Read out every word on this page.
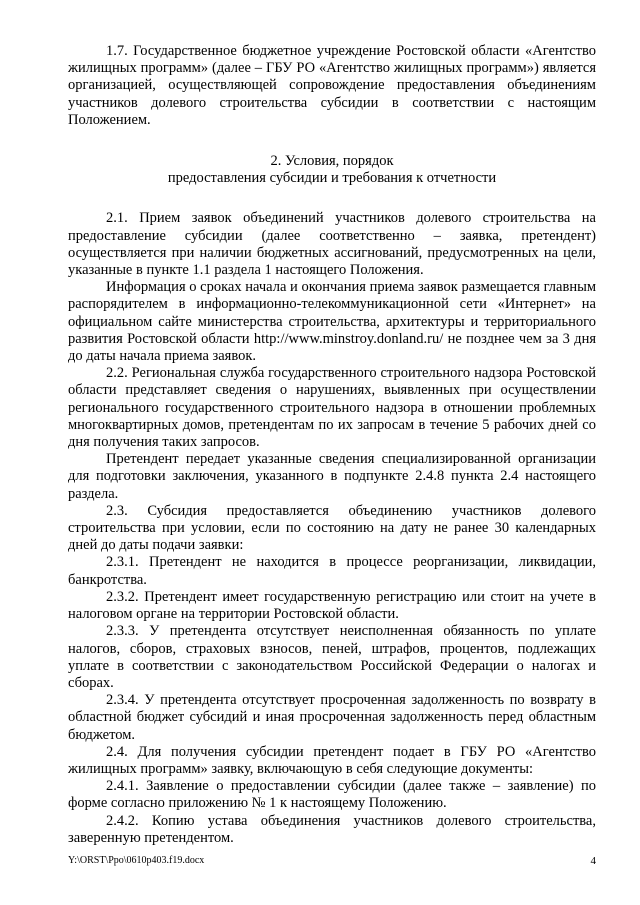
1.7. Государственное бюджетное учреждение Ростовской области «Агентство жилищных программ» (далее – ГБУ РО «Агентство жилищных программ») является организацией, осуществляющей сопровождение предоставления объединениям участников долевого строительства субсидии в соответствии с настоящим Положением.

2. Условия, порядок
предоставления субсидии и требования к отчетности

2.1. Прием заявок объединений участников долевого строительства на предоставление субсидии (далее соответственно – заявка, претендент) осуществляется при наличии бюджетных ассигнований, предусмотренных на цели, указанные в пункте 1.1 раздела 1 настоящего Положения.

Информация о сроках начала и окончания приема заявок размещается главным распорядителем в информационно-телекоммуникационной сети «Интернет» на официальном сайте министерства строительства, архитектуры и территориального развития Ростовской области http://www.minstroy.donland.ru/ не позднее чем за 3 дня до даты начала приема заявок.

2.2. Региональная служба государственного строительного надзора Ростовской области представляет сведения о нарушениях, выявленных при осуществлении регионального государственного строительного надзора в отношении проблемных многоквартирных домов, претендентам по их запросам в течение 5 рабочих дней со дня получения таких запросов.

Претендент передает указанные сведения специализированной организации для подготовки заключения, указанного в подпункте 2.4.8 пункта 2.4 настоящего раздела.

2.3. Субсидия предоставляется объединению участников долевого строительства при условии, если по состоянию на дату не ранее 30 календарных дней до даты подачи заявки:

2.3.1. Претендент не находится в процессе реорганизации, ликвидации, банкротства.

2.3.2. Претендент имеет государственную регистрацию или стоит на учете в налоговом органе на территории Ростовской области.

2.3.3. У претендента отсутствует неисполненная обязанность по уплате налогов, сборов, страховых взносов, пеней, штрафов, процентов, подлежащих уплате в соответствии с законодательством Российской Федерации о налогах и сборах.

2.3.4. У претендента отсутствует просроченная задолженность по возврату в областной бюджет субсидий и иная просроченная задолженность перед областным бюджетом.

2.4. Для получения субсидии претендент подает в ГБУ РО «Агентство жилищных программ» заявку, включающую в себя следующие документы:

2.4.1. Заявление о предоставлении субсидии (далее также – заявление) по форме согласно приложению № 1 к настоящему Положению.

2.4.2. Копию устава объединения участников долевого строительства, заверенную претендентом.

Y:\ORST\Ppo\0610p403.f19.docx	4
